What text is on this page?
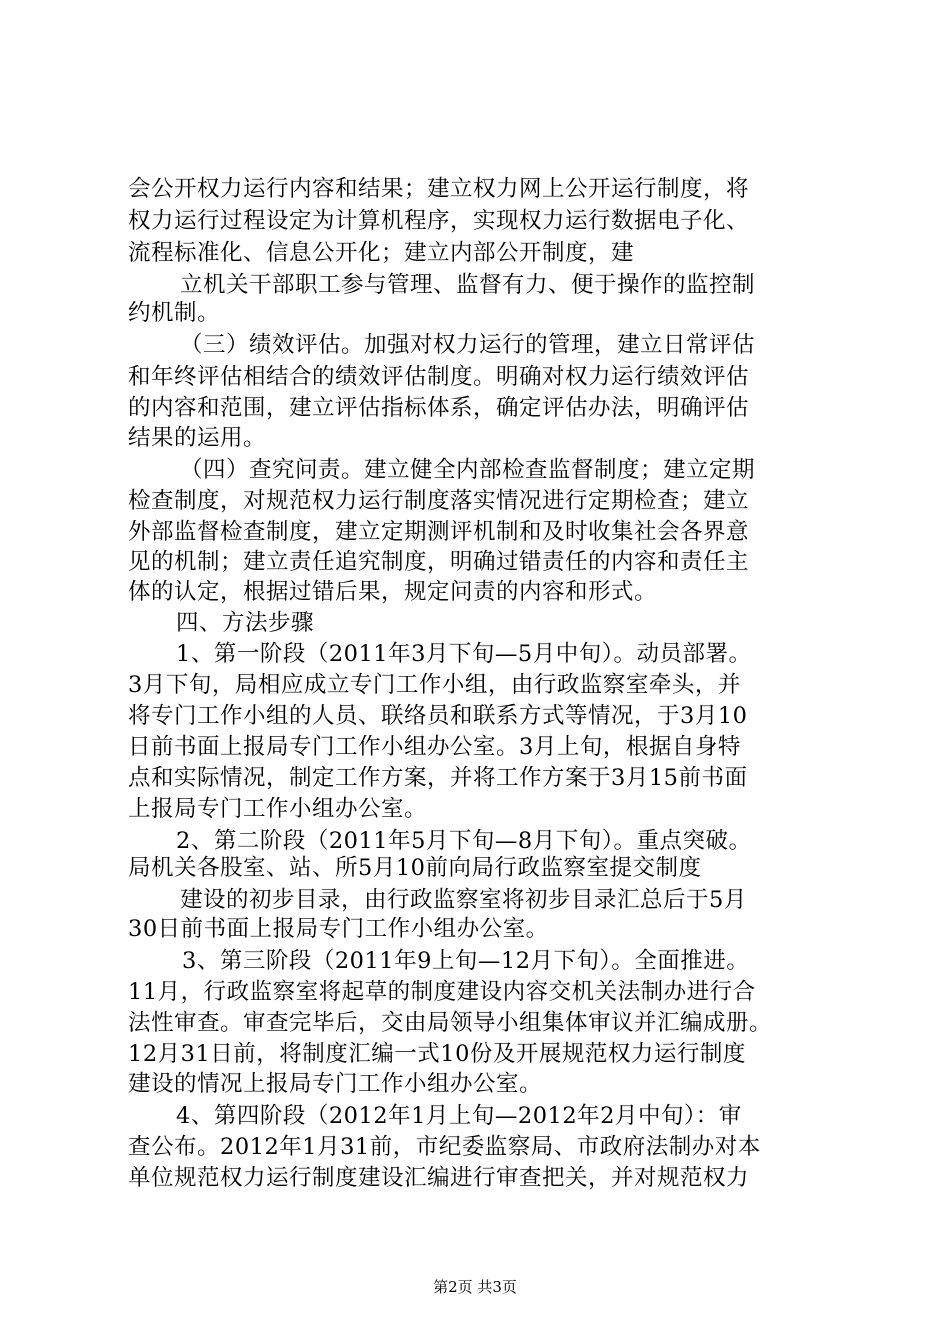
会公开权力运行内容和结果；建立权力网上公开运行制度，将
权力运行过程设定为计算机程序，实现权力运行数据电子化、
流程标准化、信息公开化；建立内部公开制度，建
立机关干部职工参与管理、监督有力、便于操作的监控制
约机制。
（三）绩效评估。加强对权力运行的管理，建立日常评估
和年终评估相结合的绩效评估制度。明确对权力运行绩效评估
的内容和范围，建立评估指标体系，确定评估办法，明确评估
结果的运用。
（四）查究问责。建立健全内部检查监督制度；建立定期
检查制度，对规范权力运行制度落实情况进行定期检查；建立
外部监督检查制度，建立定期测评机制和及时收集社会各界意
见的机制；建立责任追究制度，明确过错责任的内容和责任主
体的认定，根据过错后果，规定问责的内容和形式。
四、方法步骤
1、第一阶段（2011年3月下旬—5月中旬）。动员部署。
3月下旬，局相应成立专门工作小组，由行政监察室牵头，并
将专门工作小组的人员、联络员和联系方式等情况，于3月10
日前书面上报局专门工作小组办公室。3月上旬，根据自身特
点和实际情况，制定工作方案，并将工作方案于3月15前书面
上报局专门工作小组办公室。
2、第二阶段（2011年5月下旬—8月下旬）。重点突破。
局机关各股室、站、所5月10前向局行政监察室提交制度
建设的初步目录，由行政监察室将初步目录汇总后于5月
30日前书面上报局专门工作小组办公室。
3、第三阶段（2011年9上旬—12月下旬）。全面推进。
11月，行政监察室将起草的制度建设内容交机关法制办进行合
法性审查。审查完毕后，交由局领导小组集体审议并汇编成册。
12月31日前，将制度汇编一式10份及开展规范权力运行制度
建设的情况上报局专门工作小组办公室。
4、第四阶段（2012年1月上旬—2012年2月中旬）：审
查公布。2012年1月31前，市纪委监察局、市政府法制办对本
单位规范权力运行制度建设汇编进行审查把关，并对规范权力
第2页 共3页
